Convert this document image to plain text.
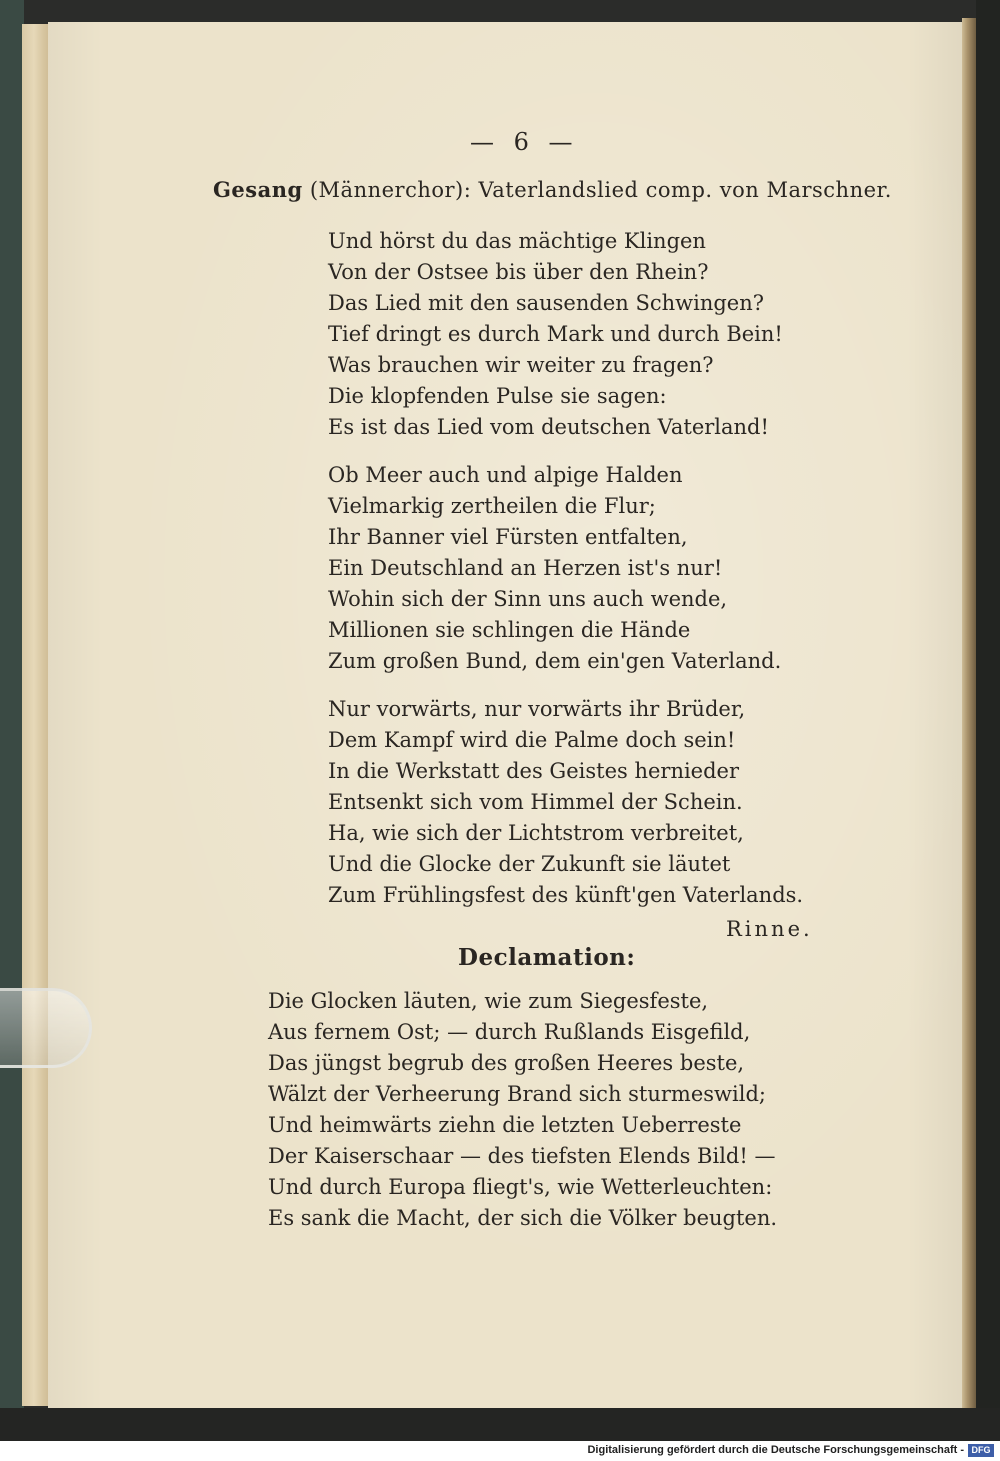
— 6 —
Gesang (Männerchor): Vaterlandslied comp. von Marschner.
Und hörst du das mächtige Klingen
Von der Ostsee bis über den Rhein?
Das Lied mit den sausenden Schwingen?
Tief dringt es durch Mark und durch Bein!
Was brauchen wir weiter zu fragen?
Die klopfenden Pulse sie sagen:
Es ist das Lied vom deutschen Vaterland!
Ob Meer auch und alpige Halden
Vielmarkig zertheilen die Flur;
Ihr Banner viel Fürsten entfalten,
Ein Deutschland an Herzen ist's nur!
Wohin sich der Sinn uns auch wende,
Millionen sie schlingen die Hände
Zum großen Bund, dem ein'gen Vaterland.
Nur vorwärts, nur vorwärts ihr Brüder,
Dem Kampf wird die Palme doch sein!
In die Werkstatt des Geistes hernieder
Entsenkt sich vom Himmel der Schein.
Ha, wie sich der Lichtstrom verbreitet,
Und die Glocke der Zukunft sie läutet
Zum Frühlingsfest des künft'gen Vaterlands.
Rinne.
Declamation:
Die Glocken läuten, wie zum Siegesfeste,
Aus fernem Ost; — durch Rußlands Eisgefild,
Das jüngst begrub des großen Heeres beste,
Wälzt der Verheerung Brand sich sturmeswild;
Und heimwärts ziehn die letzten Ueberreste
Der Kaiserschaar — des tiefsten Elends Bild! —
Und durch Europa fliegt's, wie Wetterleuchten:
Es sank die Macht, der sich die Völker beugten.
Digitalisierung gefördert durch die Deutsche Forschungsgemeinschaft - DFG
